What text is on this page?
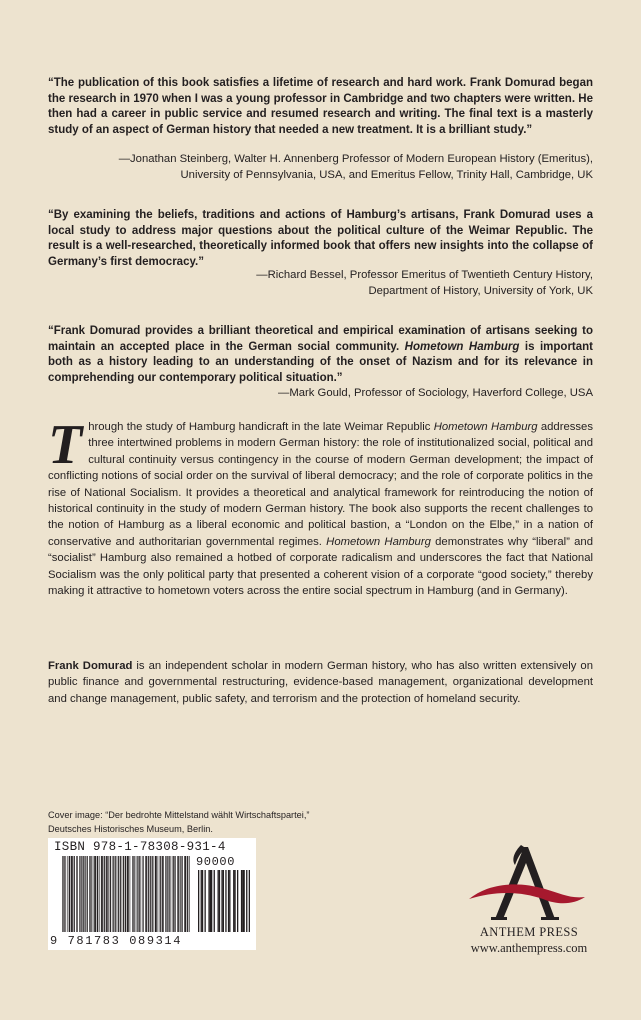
“The publication of this book satisfies a lifetime of research and hard work. Frank Domurad began the research in 1970 when I was a young professor in Cambridge and two chapters were written. He then had a career in public service and resumed research and writing. The final text is a masterly study of an aspect of German history that needed a new treatment. It is a brilliant study.”

—Jonathan Steinberg, Walter H. Annenberg Professor of Modern European History (Emeritus),
University of Pennsylvania, USA, and Emeritus Fellow, Trinity Hall, Cambridge, UK

“By examining the beliefs, traditions and actions of Hamburg’s artisans, Frank Domurad uses a local study to address major questions about the political culture of the Weimar Republic. The result is a well-researched, theoretically informed book that offers new insights into the collapse of Germany’s first democracy.”

—Richard Bessel, Professor Emeritus of Twentieth Century History,
Department of History, University of York, UK

“Frank Domurad provides a brilliant theoretical and empirical examination of artisans seeking to maintain an accepted place in the German social community. Hometown Hamburg is important both as a history leading to an understanding of the onset of Nazism and for its relevance in comprehending our contemporary political situation.”

—Mark Gould, Professor of Sociology, Haverford College, USA
Through the study of Hamburg handicraft in the late Weimar Republic Hometown Hamburg addresses three intertwined problems in modern German history: the role of institutionalized social, political and cultural continuity versus contingency in the course of modern German development; the impact of conflicting notions of social order on the survival of liberal democracy; and the role of corporate politics in the rise of National Socialism. It provides a theoretical and analytical framework for reintroducing the notion of historical continuity in the study of modern German history. The book also supports the recent challenges to the notion of Hamburg as a liberal economic and political bastion, a “London on the Elbe,” in a nation of conservative and authoritarian governmental regimes. Hometown Hamburg demonstrates why “liberal” and “socialist” Hamburg also remained a hotbed of corporate radicalism and underscores the fact that National Socialism was the only political party that presented a coherent vision of a corporate “good society,” thereby making it attractive to hometown voters across the entire social spectrum in Hamburg (and in Germany).
Frank Domurad is an independent scholar in modern German history, who has also written extensively on public finance and governmental restructuring, evidence-based management, organizational development and change management, public safety, and terrorism and the protection of homeland security.
Cover image: “Der bedrohte Mittelstand wählt Wirtschaftspartei,”
Deutsches Historisches Museum, Berlin.
ISBN 978-1-78308-931-4
90000
9 781783 089314
ANTHEM PRESS
www.anthempress.com
